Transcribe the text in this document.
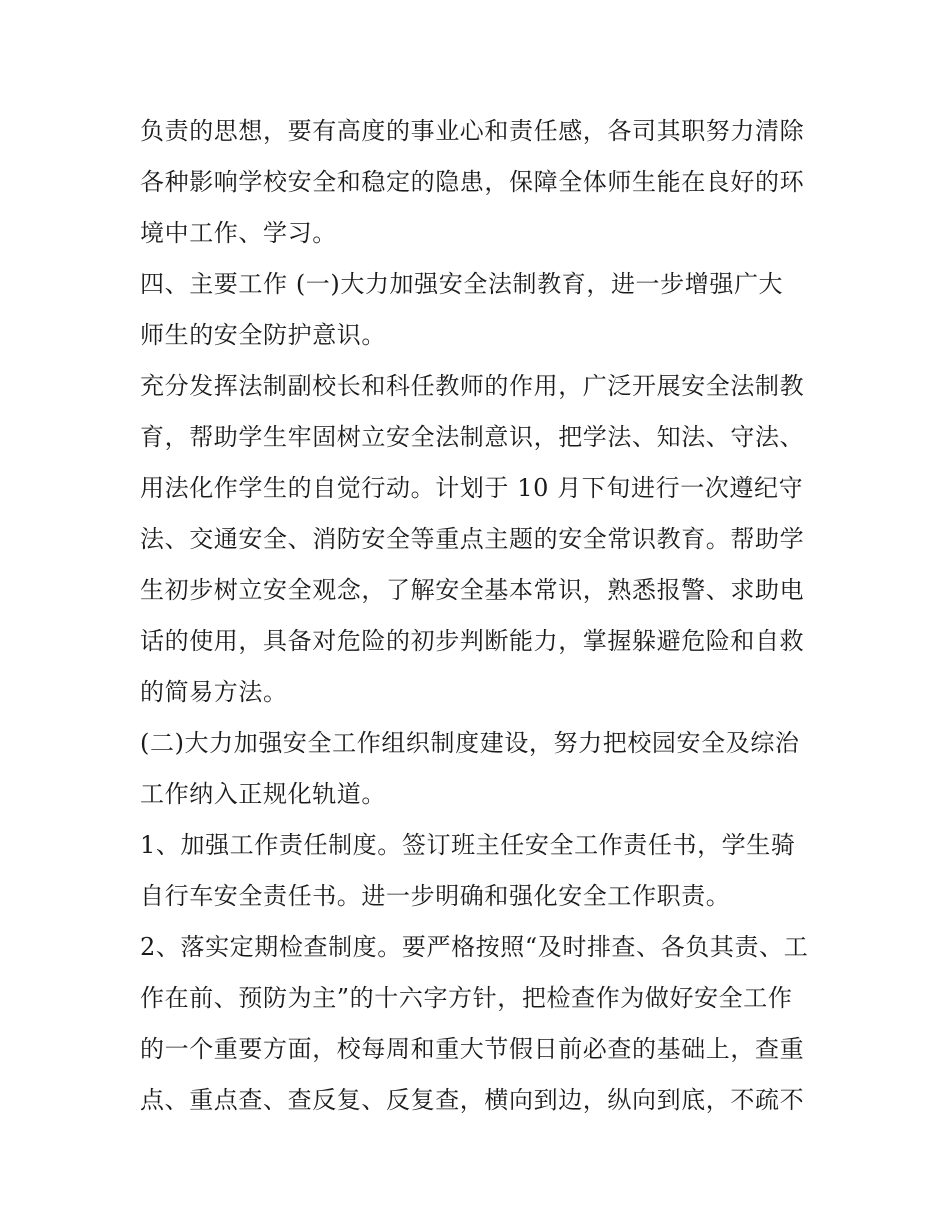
负责的思想，要有高度的事业心和责任感，各司其职努力清除
各种影响学校安全和稳定的隐患，保障全体师生能在良好的环
境中工作、学习。
四、主要工作 (一)大力加强安全法制教育，进一步增强广大
师生的安全防护意识。
充分发挥法制副校长和科任教师的作用，广泛开展安全法制教
育，帮助学生牢固树立安全法制意识，把学法、知法、守法、
用法化作学生的自觉行动。计划于 10 月下旬进行一次遵纪守
法、交通安全、消防安全等重点主题的安全常识教育。帮助学
生初步树立安全观念，了解安全基本常识，熟悉报警、求助电
话的使用，具备对危险的初步判断能力，掌握躲避危险和自救
的简易方法。
(二)大力加强安全工作组织制度建设，努力把校园安全及综治
工作纳入正规化轨道。
1、加强工作责任制度。签订班主任安全工作责任书，学生骑
自行车安全责任书。进一步明确和强化安全工作职责。
2、落实定期检查制度。要严格按照“及时排查、各负其责、工
作在前、预防为主”的十六字方针，把检查作为做好安全工作
的一个重要方面，校每周和重大节假日前必查的基础上，查重
点、重点查、查反复、反复查，横向到边，纵向到底，不疏不
